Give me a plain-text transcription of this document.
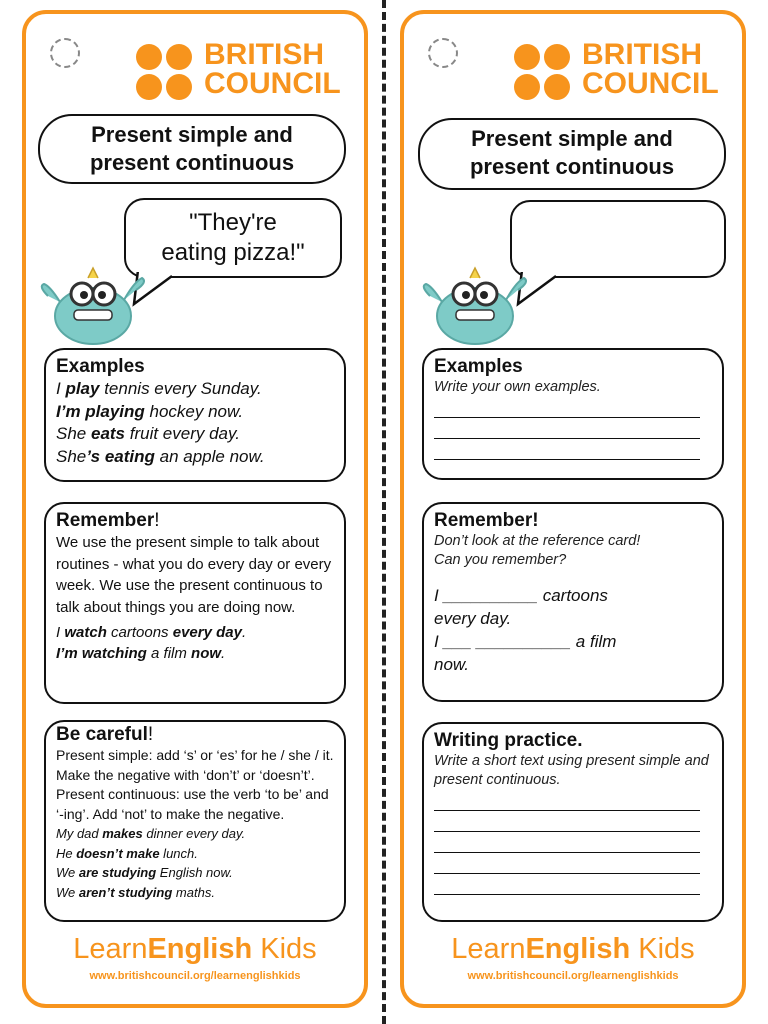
BRITISH
COUNCIL
Present simple and
present continuous
"They're
eating pizza!"
Examples
I play tennis every Sunday.
I’m playing hockey now.
She eats fruit every day.
She’s eating an apple now.
Remember!
We use the present simple to talk about routines - what you do every day or every week. We use the present continuous to talk about things you are doing now.
I watch cartoons every day.
I’m watching a film now.
Be careful!
Present simple: add ‘s’ or ‘es’ for he / she / it. Make the negative with ‘don’t’ or ‘doesn’t’. Present continuous: use the verb ‘to be’ and ‘-ing’. Add ‘not’ to make the negative.
My dad makes dinner every day.
He doesn’t make lunch.
We are studying English now.
We aren’t studying maths.
LearnEnglish Kids
www.britishcouncil.org/learnenglishkids
BRITISH
COUNCIL
Present simple and
present continuous
Examples
Write your own examples.
Remember!
Don’t look at the reference card!
Can you remember?
I __________ cartoons
every day.
I ___ __________ a film
now.
Writing practice.
Write a short text using present simple and present continuous.
LearnEnglish Kids
www.britishcouncil.org/learnenglishkids
